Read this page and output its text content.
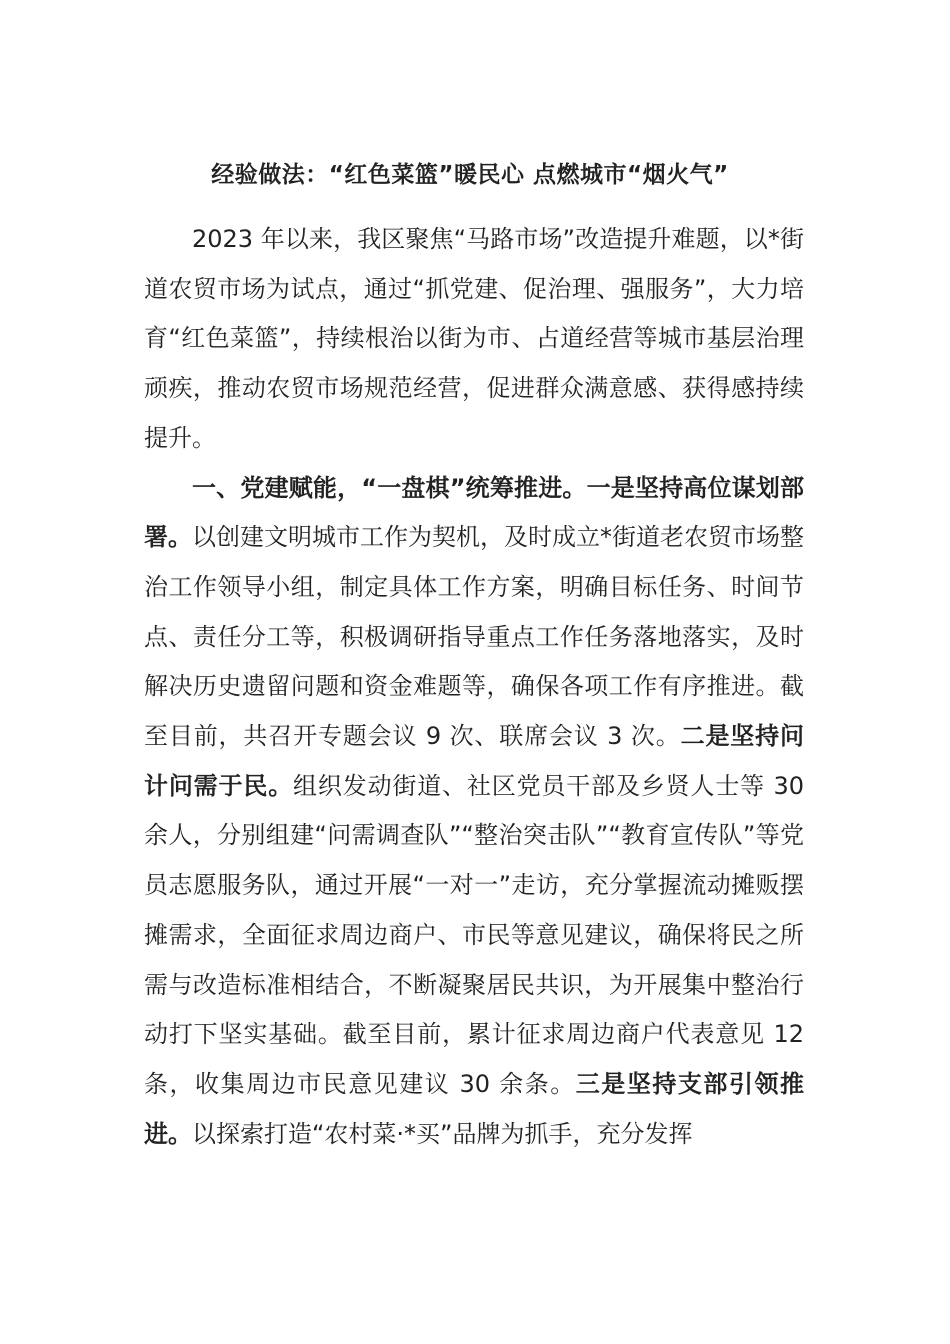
经验做法：“红色菜篮”暖民心 点燃城市“烟火气”

2023 年以来，我区聚焦“马路市场”改造提升难题，以*街道农贸市场为试点，通过“抓党建、促治理、强服务”，大力培育“红色菜篮”，持续根治以街为市、占道经营等城市基层治理顽疾，推动农贸市场规范经营，促进群众满意感、获得感持续提升。

一、党建赋能，“一盘棋”统筹推进。一是坚持高位谋划部署。以创建文明城市工作为契机，及时成立*街道老农贸市场整治工作领导小组，制定具体工作方案，明确目标任务、时间节点、责任分工等，积极调研指导重点工作任务落地落实，及时解决历史遗留问题和资金难题等，确保各项工作有序推进。截至目前，共召开专题会议 9 次、联席会议 3 次。二是坚持问计问需于民。组织发动街道、社区党员干部及乡贤人士等 30 余人，分别组建“问需调查队”“整治突击队”“教育宣传队”等党员志愿服务队，通过开展“一对一”走访，充分掌握流动摊贩摆摊需求，全面征求周边商户、市民等意见建议，确保将民之所需与改造标准相结合，不断凝聚居民共识，为开展集中整治行动打下坚实基础。截至目前，累计征求周边商户代表意见 12 条，收集周边市民意见建议 30 余条。三是坚持支部引领推进。以探索打造“农村菜·*买”品牌为抓手，充分发挥
